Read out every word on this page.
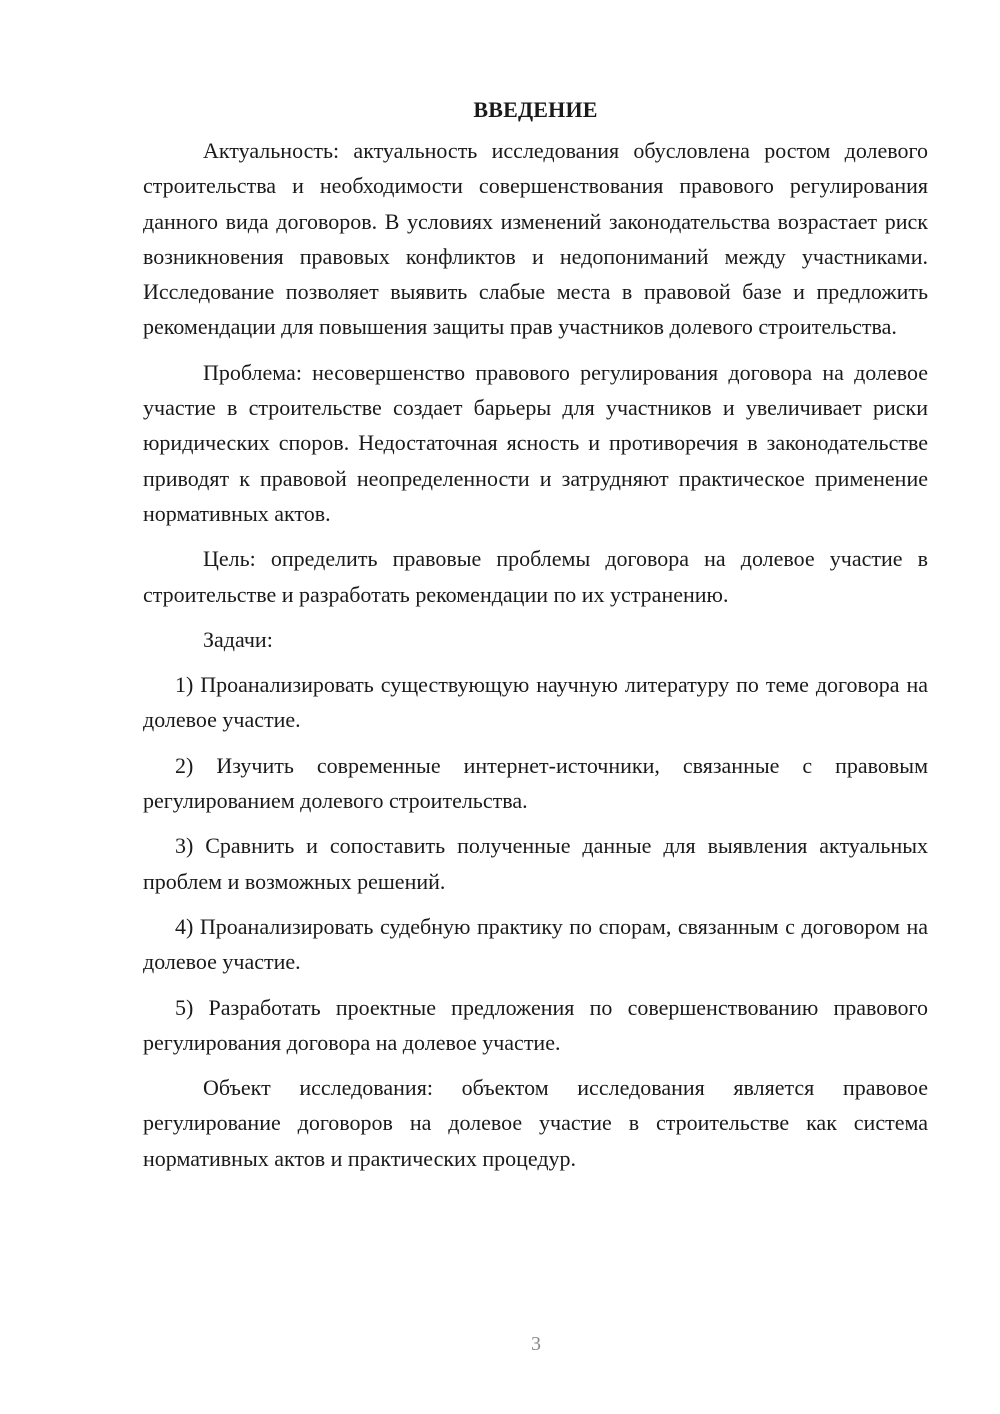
ВВЕДЕНИЕ

Актуальность: актуальность исследования обусловлена ростом долевого строительства и необходимости совершенствования правового регулирования данного вида договоров. В условиях изменений законодательства возрастает риск возникновения правовых конфликтов и недопониманий между участниками. Исследование позволяет выявить слабые места в правовой базе и предложить рекомендации для повышения защиты прав участников долевого строительства.

Проблема: несовершенство правового регулирования договора на долевое участие в строительстве создает барьеры для участников и увеличивает риски юридических споров. Недостаточная ясность и противоречия в законодательстве приводят к правовой неопределенности и затрудняют практическое применение нормативных актов.

Цель: определить правовые проблемы договора на долевое участие в строительстве и разработать рекомендации по их устранению.

Задачи:

1) Проанализировать существующую научную литературу по теме договора на долевое участие.

2) Изучить современные интернет-источники, связанные с правовым регулированием долевого строительства.

3) Сравнить и сопоставить полученные данные для выявления актуальных проблем и возможных решений.

4) Проанализировать судебную практику по спорам, связанным с договором на долевое участие.

5) Разработать проектные предложения по совершенствованию правового регулирования договора на долевое участие.

Объект исследования: объектом исследования является правовое регулирование договоров на долевое участие в строительстве как система нормативных актов и практических процедур.

3
